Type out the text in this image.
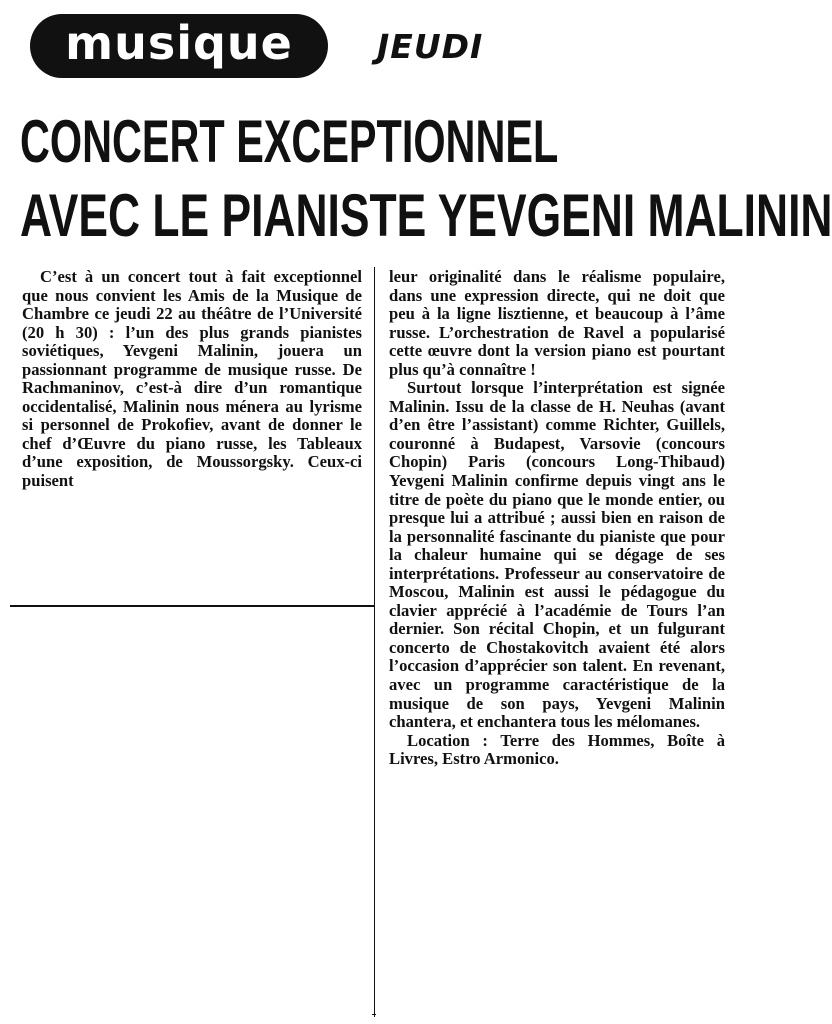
musique	JEUDI
CONCERT EXCEPTIONNEL
AVEC LE PIANISTE YEVGENI MALININ

C’est à un concert tout à fait exceptionnel que nous convient les Amis de la Musique de Chambre ce jeudi 22 au théâtre de l’Université (20 h 30) : l’un des plus grands pianistes soviétiques, Yevgeni Malinin, jouera un passionnant programme de musique russe. De Rachmaninov, c’est-à dire d’un romantique occidentalisé, Malinin nous ménera au lyrisme si personnel de Prokofiev, avant de donner le chef d’Œuvre du piano russe, les Tableaux d’une exposition, de Moussorgsky. Ceux-ci puisent

leur originalité dans le réalisme populaire, dans une expression directe, qui ne doit que peu à la ligne lisztienne, et beaucoup à l’âme russe. L’orchestration de Ravel a popularisé cette œuvre dont la version piano est pourtant plus qu’à connaître !

Surtout lorsque l’interprétation est signée Malinin. Issu de la classe de H. Neuhas (avant d’en être l’assistant) comme Richter, Guillels, couronné à Budapest, Varsovie (concours Chopin) Paris (concours Long-Thibaud) Yevgeni Malinin confirme depuis vingt ans le titre de poète du piano que le monde entier, ou presque lui a attribué ; aussi bien en raison de la personnalité fascinante du pianiste que pour la chaleur humaine qui se dégage de ses interprétations. Professeur au conservatoire de Moscou, Malinin est aussi le pédagogue du clavier apprécié à l’académie de Tours l’an dernier. Son récital Chopin, et un fulgurant concerto de Chostakovitch avaient été alors l’occasion d’apprécier son talent. En revenant, avec un programme caractéristique de la musique de son pays, Yevgeni Malinin chantera, et enchantera tous les mélomanes.

Location : Terre des Hommes, Boîte à Livres, Estro Armonico.
